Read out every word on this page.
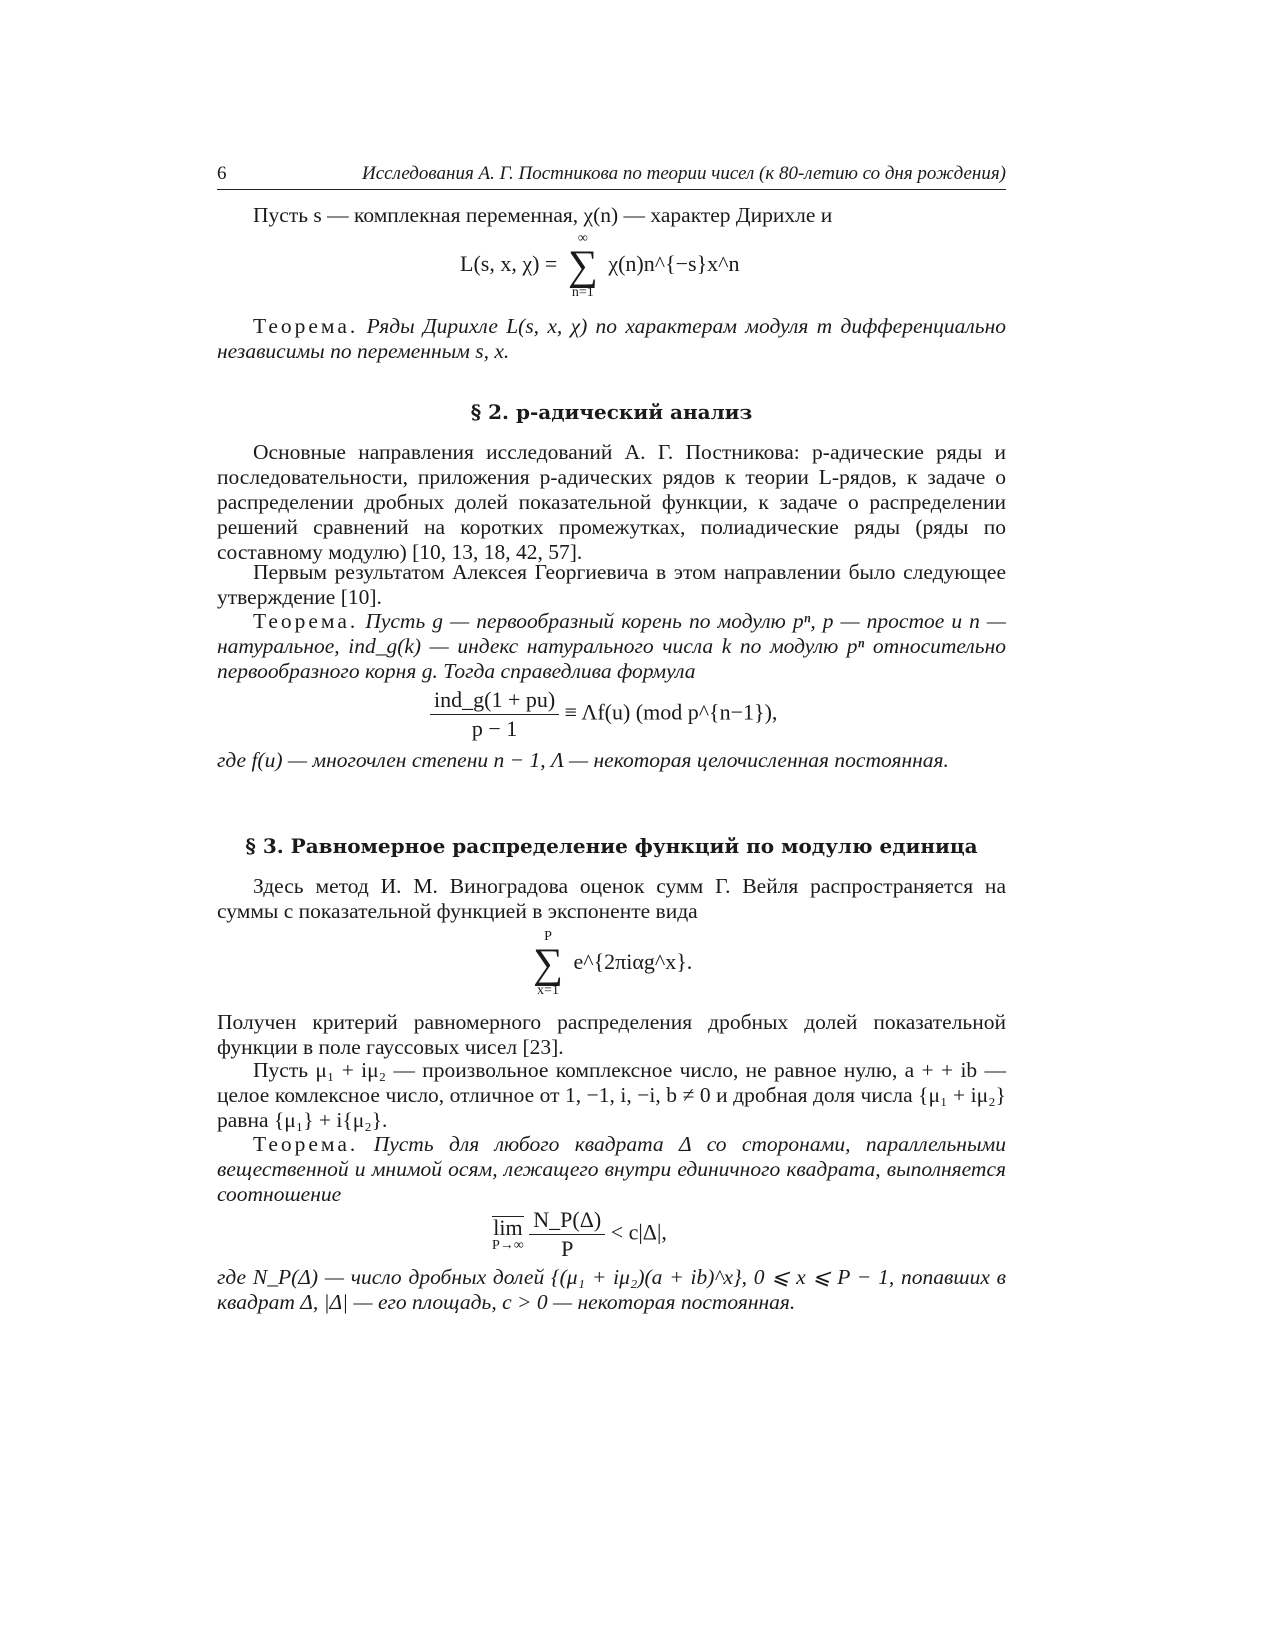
6	Исследования А. Г. Постникова по теории чисел (к 80-летию со дня рождения)
Пусть s — комплекная переменная, χ(n) — характер Дирихле и
L(s, x, χ) =
∞
∑
n=1
χ(n)n^{−s}x^n
Теорема. Ряды Дирихле L(s, x, χ) по характерам модуля m дифференциально независимы по переменным s, x.
§ 2. p-адический анализ
Основные направления исследований А. Г. Постникова: p-адические ряды и последовательности, приложения p-адических рядов к теории L-рядов, к задаче о распределении дробных долей показательной функции, к задаче о распределении решений сравнений на коротких промежутках, полиадические ряды (ряды по составному модулю) [10, 13, 18, 42, 57].
Первым результатом Алексея Георгиевича в этом направлении было следующее утверждение [10].
Теорема. Пусть g — первообразный корень по модулю pⁿ, p — простое и n — натуральное, ind_g(k) — индекс натурального числа k по модулю pⁿ относительно первообразного корня g. Тогда справедлива формула
$\frac{\text{ind\_g(1 + pu)}}{p - 1} \equiv \Lambda f(u)$ (mod p^{n−1}),
где f(u) — многочлен степени n − 1, Λ — некоторая целочисленная постоянная.
§ 3. Равномерное распределение функций по модулю единица
Здесь метод И. М. Виноградова оценок сумм Г. Вейля распространяется на суммы с показательной функцией в экспоненте вида
P
∑
x=1
e^{2πiαg^x}.
Получен критерий равномерного распределения дробных долей показательной функции в поле гауссовых чисел [23].
Пусть μ₁ + iμ₂ — произвольное комплексное число, не равное нулю, a + + ib — целое комлексное число, отличное от 1, −1, i, −i, b ≠ 0 и дробная доля числа {μ₁ + iμ₂} равна {μ₁} + i{μ₂}.
Теорема. Пусть для любого квадрата Δ со сторонами, параллельными вещественной и мнимой осям, лежащего внутри единичного квадрата, выполняется соотношение
lim
P→∞
$\frac{N\_P(\Delta)}{P} < c|\Delta|$,
где N_P(Δ) — число дробных долей {(μ₁ + iμ₂)(a + ib)^x}, 0 ⩽ x ⩽ P − 1, попавших в квадрат Δ, |Δ| — его площадь, c > 0 — некоторая постоянная.
